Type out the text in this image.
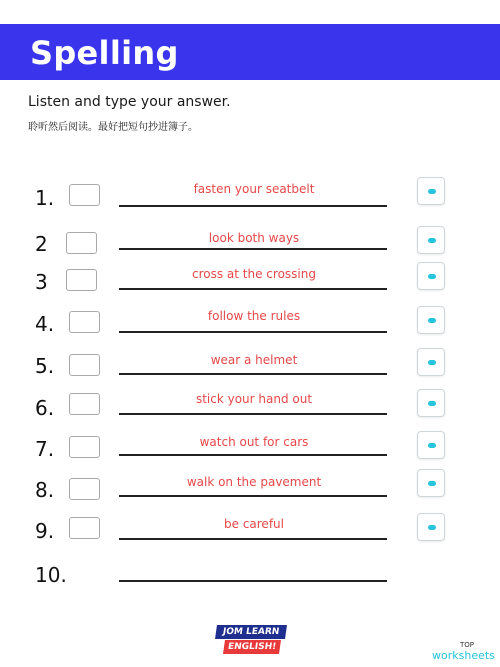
Spelling
Listen and type your answer.
聆听然后阅读。最好把短句抄进簿子。
1.	fasten your seatbelt
2	look both ways
3	cross at the crossing
4.	follow the rules
5.	wear a helmet
6.	stick your hand out
7.	watch out for cars
8.	walk on the pavement
9.	be careful
10.
JOM LEARN
ENGLISH!	TOP
worksheets
